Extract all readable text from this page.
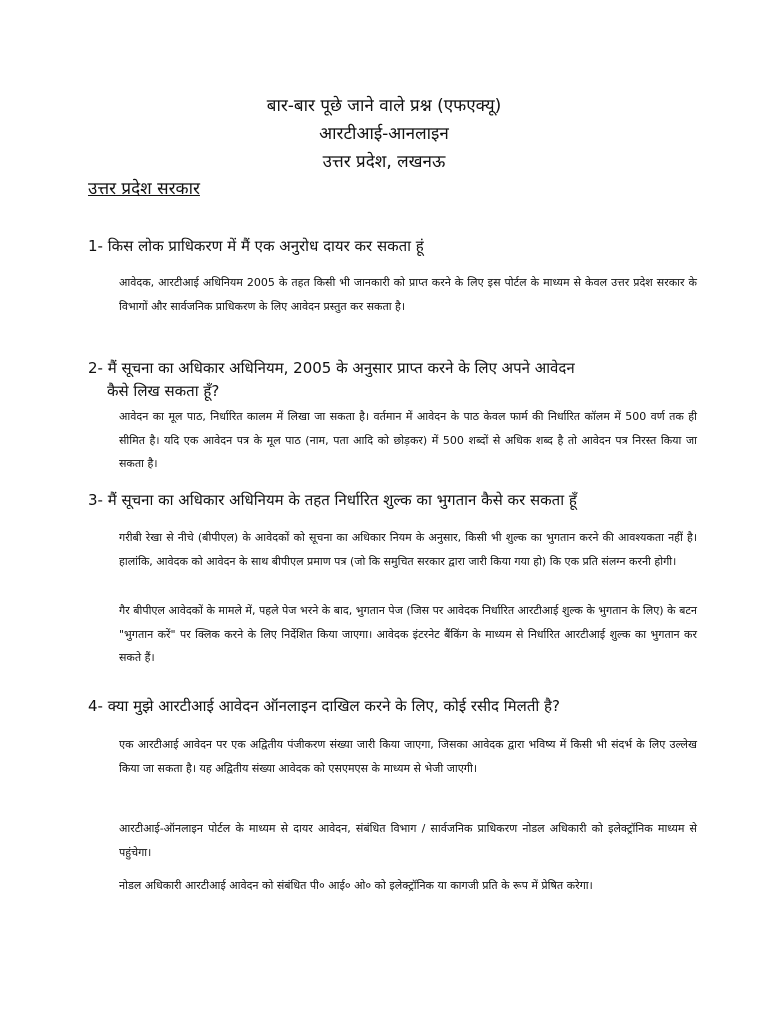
बार-बार पूछे जाने वाले प्रश्न (एफएक्यू)

आरटीआई-आनलाइन

उत्तर प्रदेश, लखनऊ

उत्तर प्रदेश सरकार

1- किस लोक प्राधिकरण में मैं एक अनुरोध दायर कर सकता हूं

आवेदक, आरटीआई अधिनियम 2005 के तहत किसी भी जानकारी को प्राप्त करने के लिए इस पोर्टल के माध्यम से केवल उत्तर प्रदेश सरकार के विभागों और सार्वजनिक प्राधिकरण के लिए आवेदन प्रस्तुत कर सकता है।

2- मैं सूचना का अधिकार अधिनियम, 2005 के अनुसार प्राप्त करने के लिए अपने आवेदन

कैसे लिख सकता हूँ?

आवेदन का मूल पाठ, निर्धारित कालम में लिखा जा सकता है। वर्तमान में आवेदन के पाठ केवल फार्म की निर्धारित कॉलम में 500 वर्ण तक ही सीमित है। यदि एक आवेदन पत्र के मूल पाठ (नाम, पता आदि को छोड़कर) में 500 शब्दों से अधिक शब्द है तो आवेदन पत्र निरस्त किया जा सकता है।

3- मैं सूचना का अधिकार अधिनियम के तहत निर्धारित शुल्क का भुगतान कैसे कर सकता हूँ

गरीबी रेखा से नीचे (बीपीएल) के आवेदकों को सूचना का अधिकार नियम के अनुसार, किसी भी शुल्क का भुगतान करने की आवश्यकता नहीं है। हालांकि, आवेदक को आवेदन के साथ बीपीएल प्रमाण पत्र (जो कि समुचित सरकार द्वारा जारी किया गया हो) कि एक प्रति संलग्न करनी होगी।

गैर बीपीएल आवेदकों के मामले में, पहले पेज भरने के बाद, भुगतान पेज (जिस पर आवेदक निर्धारित आरटीआई शुल्क के भुगतान के लिए) के बटन "भुगतान करें" पर क्लिक करने के लिए निर्देशित किया जाएगा। आवेदक इंटरनेट बैंकिंग के माध्यम से निर्धारित आरटीआई शुल्क का भुगतान कर सकते हैं।

4- क्या मुझे आरटीआई आवेदन ऑनलाइन दाखिल करने के लिए, कोई रसीद मिलती है?

एक आरटीआई आवेदन पर एक अद्वितीय पंजीकरण संख्या जारी किया जाएगा, जिसका आवेदक द्वारा भविष्य में किसी भी संदर्भ के लिए उल्लेख किया जा सकता है। यह अद्वितीय संख्या आवेदक को एसएमएस के माध्यम से भेजी जाएगी।

आरटीआई-ऑनलाइन पोर्टल के माध्यम से दायर आवेदन, संबंधित विभाग / सार्वजनिक प्राधिकरण नोडल अधिकारी को इलेक्ट्रॉनिक माध्यम से पहुंचेगा।

नोडल अधिकारी आरटीआई आवेदन को संबंधित पी० आई० ओ० को इलेक्ट्रॉनिक या कागजी प्रति के रूप में प्रेषित करेगा।
